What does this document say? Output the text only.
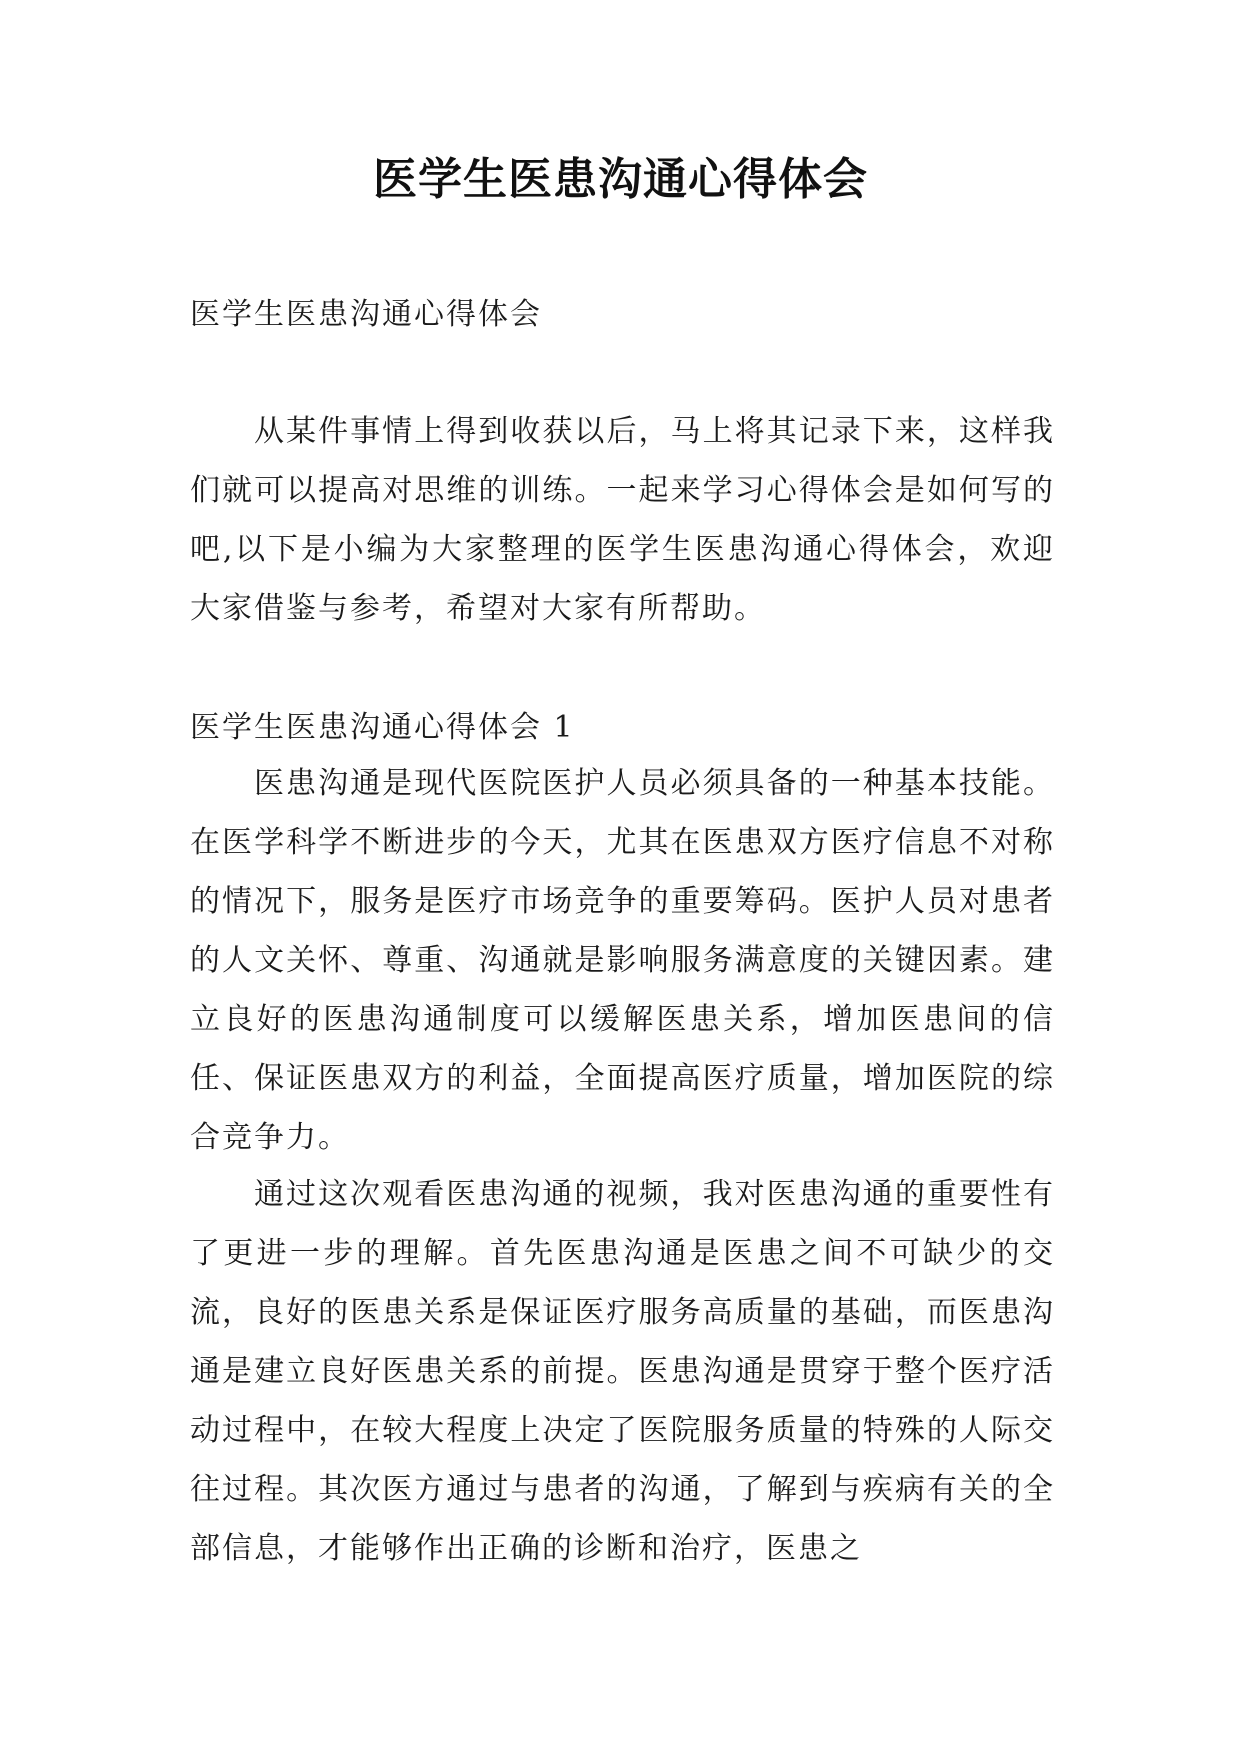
医学生医患沟通心得体会
医学生医患沟通心得体会
从某件事情上得到收获以后，马上将其记录下来，这样我们就可以提高对思维的训练。一起来学习心得体会是如何写的吧,以下是小编为大家整理的医学生医患沟通心得体会，欢迎大家借鉴与参考，希望对大家有所帮助。
医学生医患沟通心得体会 1
医患沟通是现代医院医护人员必须具备的一种基本技能。在医学科学不断进步的今天，尤其在医患双方医疗信息不对称的情况下，服务是医疗市场竞争的重要筹码。医护人员对患者的人文关怀、尊重、沟通就是影响服务满意度的关键因素。建立良好的医患沟通制度可以缓解医患关系，增加医患间的信任、保证医患双方的利益，全面提高医疗质量，增加医院的综合竞争力。
通过这次观看医患沟通的视频，我对医患沟通的重要性有了更进一步的理解。首先医患沟通是医患之间不可缺少的交流，良好的医患关系是保证医疗服务高质量的基础，而医患沟通是建立良好医患关系的前提。医患沟通是贯穿于整个医疗活动过程中，在较大程度上决定了医院服务质量的特殊的人际交往过程。其次医方通过与患者的沟通，了解到与疾病有关的全部信息，才能够作出正确的诊断和治疗，医患之
